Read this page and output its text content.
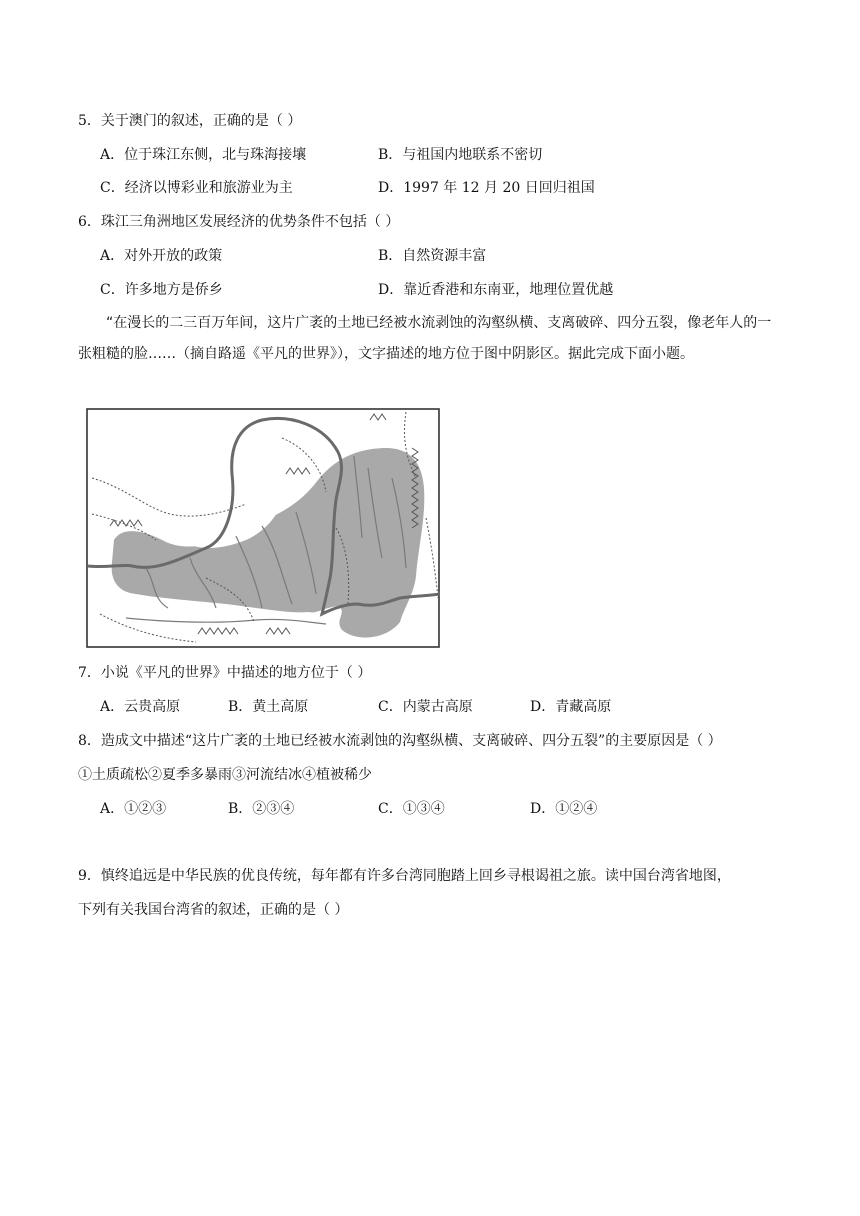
5．关于澳门的叙述，正确的是（ ）
A．位于珠江东侧，北与珠海接壤	B．与祖国内地联系不密切
C．经济以博彩业和旅游业为主	D．1997 年 12 月 20 日回归祖国
6．珠江三角洲地区发展经济的优势条件不包括（ ）
A．对外开放的政策	B．自然资源丰富
C．许多地方是侨乡	D．靠近香港和东南亚，地理位置优越
“在漫长的二三百万年间，这片广袤的土地已经被水流剥蚀的沟壑纵横、支离破碎、四分五裂，像老年人的一张粗糙的脸……（摘自路遥《平凡的世界》），文字描述的地方位于图中阴影区。据此完成下面小题。
7．小说《平凡的世界》中描述的地方位于（ ）
A．云贵高原	B．黄土高原	C．内蒙古高原	D．青藏高原
8．造成文中描述“这片广袤的土地已经被水流剥蚀的沟壑纵横、支离破碎、四分五裂”的主要原因是（ ）
①土质疏松②夏季多暴雨③河流结冰④植被稀少
A．①②③	B．②③④	C．①③④	D．①②④
9．慎终追远是中华民族的优良传统，每年都有许多台湾同胞踏上回乡寻根谒祖之旅。读中国台湾省地图，
下列有关我国台湾省的叙述，正确的是（ ）
